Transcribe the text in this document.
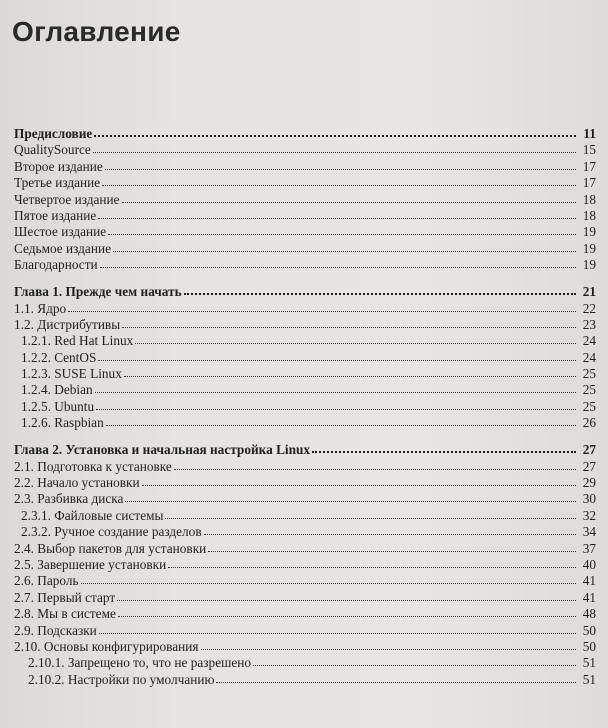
Оглавление
Предисловие	11
QualitySource	15
Второе издание	17
Третье издание	17
Четвертое издание	18
Пятое издание	18
Шестое издание	19
Седьмое издание	19
Благодарности	19
Глава 1. Прежде чем начать	21
1.1. Ядро	22
1.2. Дистрибутивы	23
1.2.1. Red Hat Linux	24
1.2.2. CentOS	24
1.2.3. SUSE Linux	25
1.2.4. Debian	25
1.2.5. Ubuntu	25
1.2.6. Raspbian	26
Глава 2. Установка и начальная настройка Linux	27
2.1. Подготовка к установке	27
2.2. Начало установки	29
2.3. Разбивка диска	30
2.3.1. Файловые системы	32
2.3.2. Ручное создание разделов	34
2.4. Выбор пакетов для установки	37
2.5. Завершение установки	40
2.6. Пароль	41
2.7. Первый старт	41
2.8. Мы в системе	48
2.9. Подсказки	50
2.10. Основы конфигурирования	50
2.10.1. Запрещено то, что не разрешено	51
2.10.2. Настройки по умолчанию	51
